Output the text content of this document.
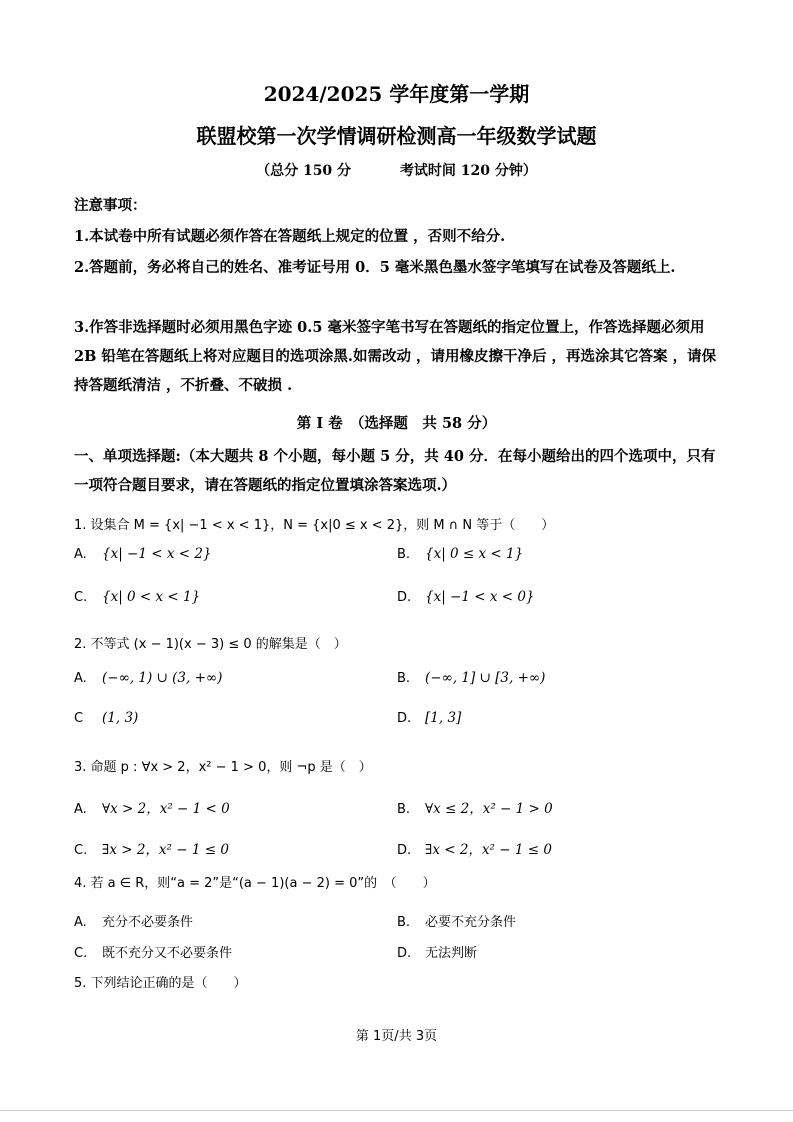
2024/2025 学年度第一学期
联盟校第一次学情调研检测高一年级数学试题
（总分 150 分	考试时间 120 分钟）
注意事项：
1.本试卷中所有试题必须作答在答题纸上规定的位置 ，否则不给分.
2.答题前，务必将自己的姓名、准考证号用 0．5 毫米黑色墨水签字笔填写在试卷及答题纸上.
3.作答非选择题时必须用黑色字迹 0.5 毫米签字笔书写在答题纸的指定位置上，作答选择题必须用 2B 铅笔在答题纸上将对应题目的选项涂黑.如需改动 ，请用橡皮擦干净后 ，再选涂其它答案 ，请保持答题纸清洁 ，不折叠、不破损 .
第 I 卷　（选择题　共 58 分）
一、单项选择题:（本大题共 8 个小题，每小题 5 分，共 40 分．在每小题给出的四个选项中，只有一项符合题目要求，请在答题纸的指定位置填涂答案选项.）
1. 设集合 M = {x| −1 < x < 1}，N = {x|0 ≤ x < 2}，则 M ∩ N 等于（　　）
A. {x| −1 < x < 2}	B. {x| 0 ≤ x < 1}
C. {x| 0 < x < 1}	D. {x| −1 < x < 0}
2. 不等式 (x − 1)(x − 3) ≤ 0 的解集是（　）
A. (−∞, 1) ∪ (3, +∞)	B. (−∞, 1] ∪ [3, +∞)
C (1, 3)	D. [1, 3]
3. 命题 p : ∀x > 2，x² − 1 > 0，则 ¬p 是（　）
A. ∀x > 2，x² − 1 < 0	B. ∀x ≤ 2，x² − 1 > 0
C. ∃x > 2，x² − 1 ≤ 0	D. ∃x < 2，x² − 1 ≤ 0
4. 若 a ∈ R，则“a = 2”是“(a − 1)(a − 2) = 0”的　（　　）
A. 充分不必要条件	B. 必要不充分条件
C. 既不充分又不必要条件	D. 无法判断
5. 下列结论正确的是（　　）
第 1页/共 3页
